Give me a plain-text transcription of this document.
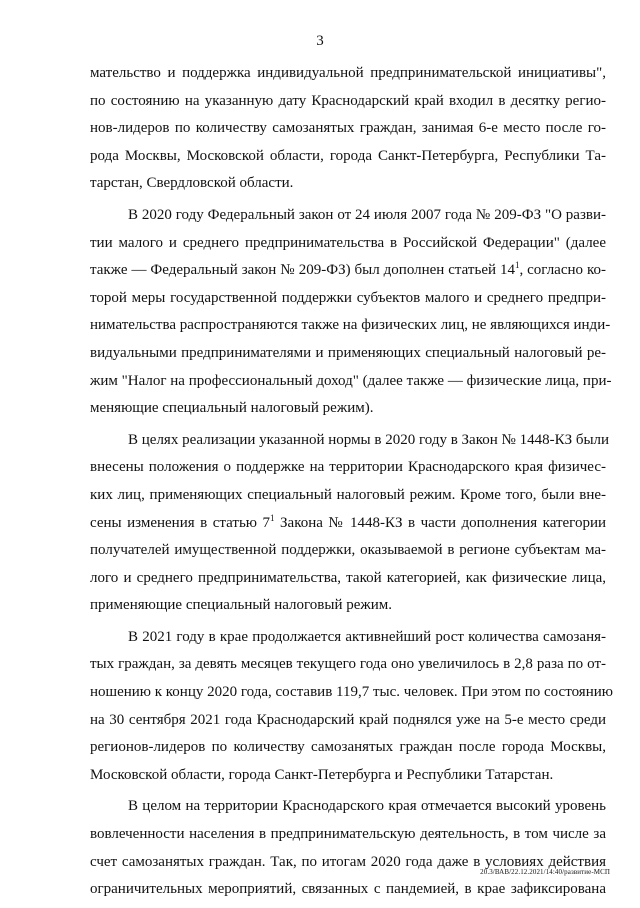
3

мательство и поддержка индивидуальной предпринимательской инициативы",
по состоянию на указанную дату Краснодарский край входил в десятку регио-
нов-лидеров по количеству самозанятых граждан, занимая 6-е место после го-
рода Москвы, Московской области, города Санкт-Петербурга, Республики Та-
тарстан, Свердловской области.

В 2020 году Федеральный закон от 24 июля 2007 года № 209-ФЗ "О разви-
тии малого и среднего предпринимательства в Российской Федерации" (далее
также — Федеральный закон № 209-ФЗ) был дополнен статьей $14^1$, согласно ко-
торой меры государственной поддержки субъектов малого и среднего предпри-
нимательства распространяются также на физических лиц, не являющихся инди-
видуальными предпринимателями и применяющих специальный налоговый ре-
жим "Налог на профессиональный доход" (далее также — физические лица, при-
меняющие специальный налоговый режим).

В целях реализации указанной нормы в 2020 году в Закон № 1448-КЗ были
внесены положения о поддержке на территории Краснодарского края физичес-
ких лиц, применяющих специальный налоговый режим. Кроме того, были вне-
сены изменения в статью $7^1$ Закона № 1448-КЗ в части дополнения категории
получателей имущественной поддержки, оказываемой в регионе субъектам ма-
лого и среднего предпринимательства, такой категорией, как физические лица,
применяющие специальный налоговый режим.

В 2021 году в крае продолжается активнейший рост количества самозаня-
тых граждан, за девять месяцев текущего года оно увеличилось в 2,8 раза по от-
ношению к концу 2020 года, составив 119,7 тыс. человек. При этом по состоянию
на 30 сентября 2021 года Краснодарский край поднялся уже на 5-е место среди
регионов-лидеров по количеству самозанятых граждан после города Москвы,
Московской области, города Санкт-Петербурга и Республики Татарстан.

В целом на территории Краснодарского края отмечается высокий уровень
вовлеченности населения в предпринимательскую деятельность, в том числе за
счет самозанятых граждан. Так, по итогам 2020 года даже в условиях действия
ограничительных мероприятий, связанных с пандемией, в крае зафиксирована

20.3/ВАВ/22.12.2021/14:40/развитие-МСП
